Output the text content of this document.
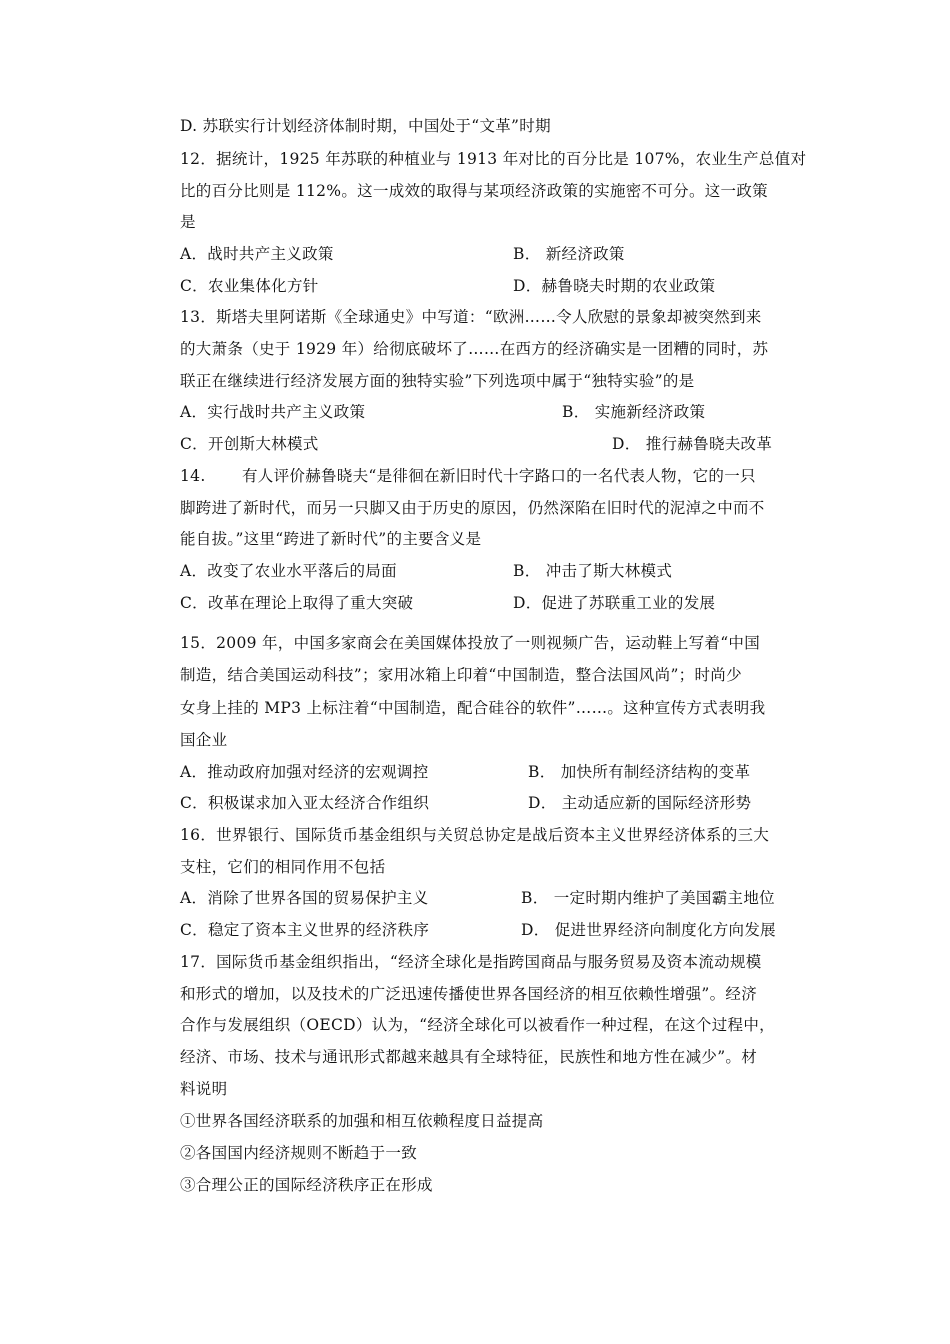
D. 苏联实行计划经济体制时期，中国处于“文革”时期
12．据统计，1925 年苏联的种植业与 1913 年对比的百分比是 107%，农业生产总值对
比的百分比则是 112%。这一成效的取得与某项经济政策的实施密不可分。这一政策
是
A．战时共产主义政策	B． 新经济政策
C．农业集体化方针	D．赫鲁晓夫时期的农业政策
13．斯塔夫里阿诺斯《全球通史》中写道：“欧洲……令人欣慰的景象却被突然到来
的大萧条（史于 1929 年）给彻底破坏了……在西方的经济确实是一团糟的同时，苏
联正在继续进行经济发展方面的独特实验”下列选项中属于“独特实验”的是
A．实行战时共产主义政策	B． 实施新经济政策
C．开创斯大林模式	D． 推行赫鲁晓夫改革
14. 有人评价赫鲁晓夫“是徘徊在新旧时代十字路口的一名代表人物，它的一只
脚跨进了新时代，而另一只脚又由于历史的原因，仍然深陷在旧时代的泥淖之中而不
能自拔。”这里“跨进了新时代”的主要含义是
A．改变了农业水平落后的局面	B． 冲击了斯大林模式
C．改革在理论上取得了重大突破	D．促进了苏联重工业的发展
15．2009 年，中国多家商会在美国媒体投放了一则视频广告，运动鞋上写着“中国
制造，结合美国运动科技”；家用冰箱上印着“中国制造，整合法国风尚”；时尚少
女身上挂的 MP3 上标注着“中国制造，配合硅谷的软件”……。这种宣传方式表明我
国企业
A．推动政府加强对经济的宏观调控	B． 加快所有制经济结构的变革
C．积极谋求加入亚太经济合作组织	D． 主动适应新的国际经济形势
16．世界银行、国际货币基金组织与关贸总协定是战后资本主义世界经济体系的三大
支柱，它们的相同作用不包括
A．消除了世界各国的贸易保护主义	B． 一定时期内维护了美国霸主地位
C．稳定了资本主义世界的经济秩序	D． 促进世界经济向制度化方向发展
17．国际货币基金组织指出，“经济全球化是指跨国商品与服务贸易及资本流动规模
和形式的增加，以及技术的广泛迅速传播使世界各国经济的相互依赖性增强”。经济
合作与发展组织（OECD）认为，“经济全球化可以被看作一种过程，在这个过程中，
经济、市场、技术与通讯形式都越来越具有全球特征，民族性和地方性在减少”。材
料说明
①世界各国经济联系的加强和相互依赖程度日益提高
②各国国内经济规则不断趋于一致
③合理公正的国际经济秩序正在形成
